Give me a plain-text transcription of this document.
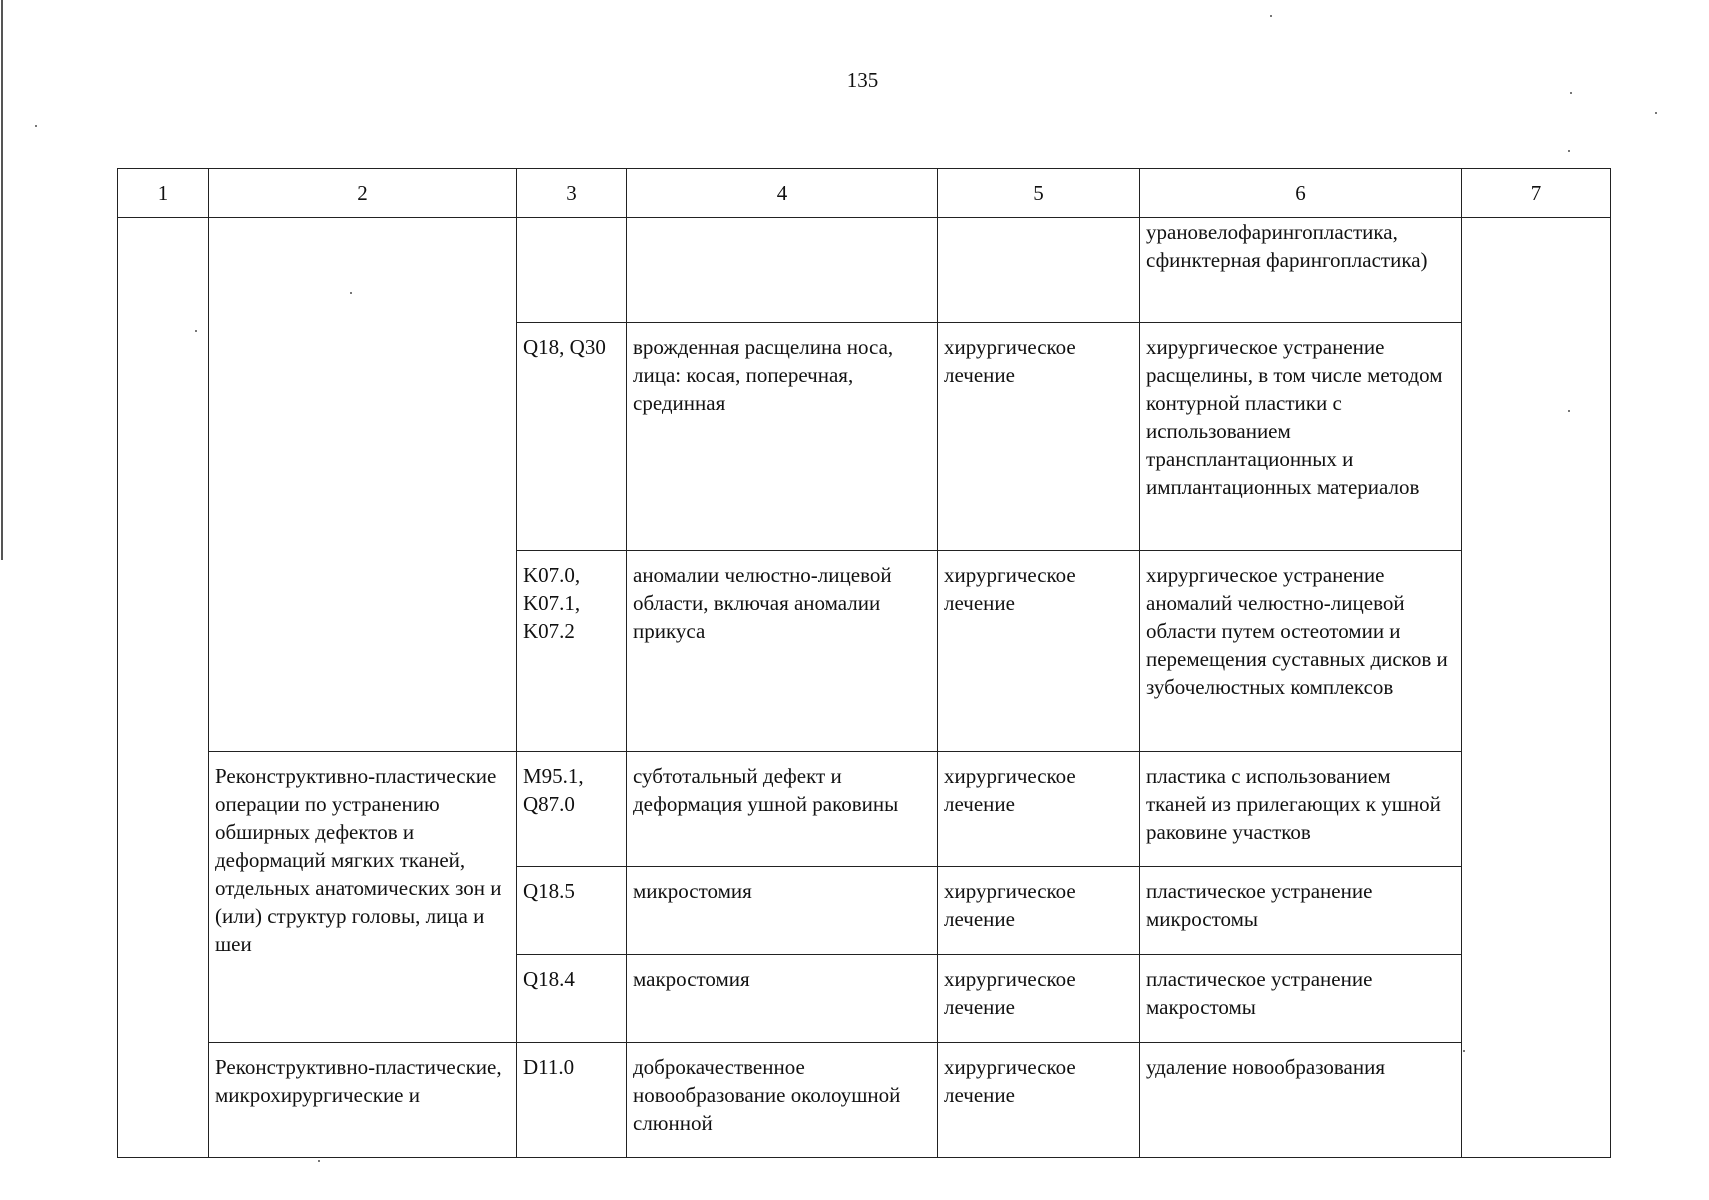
135
1	2	3	4	5	6	7
					урановелофарингопластика, сфинктерная фарингопластика)	
		Q18, Q30	врожденная расщелина носа, лица: косая, поперечная, срединная	хирургическое лечение	хирургическое устранение расщелины, в том числе методом контурной пластики с использованием трансплантационных и имплантационных материалов	
		K07.0, K07.1, K07.2	аномалии челюстно-лицевой области, включая аномалии прикуса	хирургическое лечение	хирургическое устранение аномалий челюстно-лицевой области путем остеотомии и перемещения суставных дисков и зубочелюстных комплексов	
	Реконструктивно-пластические операции по устранению обширных дефектов и деформаций мягких тканей, отдельных анатомических зон и (или) структур головы, лица и шеи	M95.1, Q87.0	субтотальный дефект и деформация ушной раковины	хирургическое лечение	пластика с использованием тканей из прилегающих к ушной раковине участков	
		Q18.5	микростомия	хирургическое лечение	пластическое устранение микростомы	
		Q18.4	макростомия	хирургическое лечение	пластическое устранение макростомы	
	Реконструктивно-пластические, микрохирургические и	D11.0	доброкачественное новообразование околоушной слюнной	хирургическое лечение	удаление новообразования	
